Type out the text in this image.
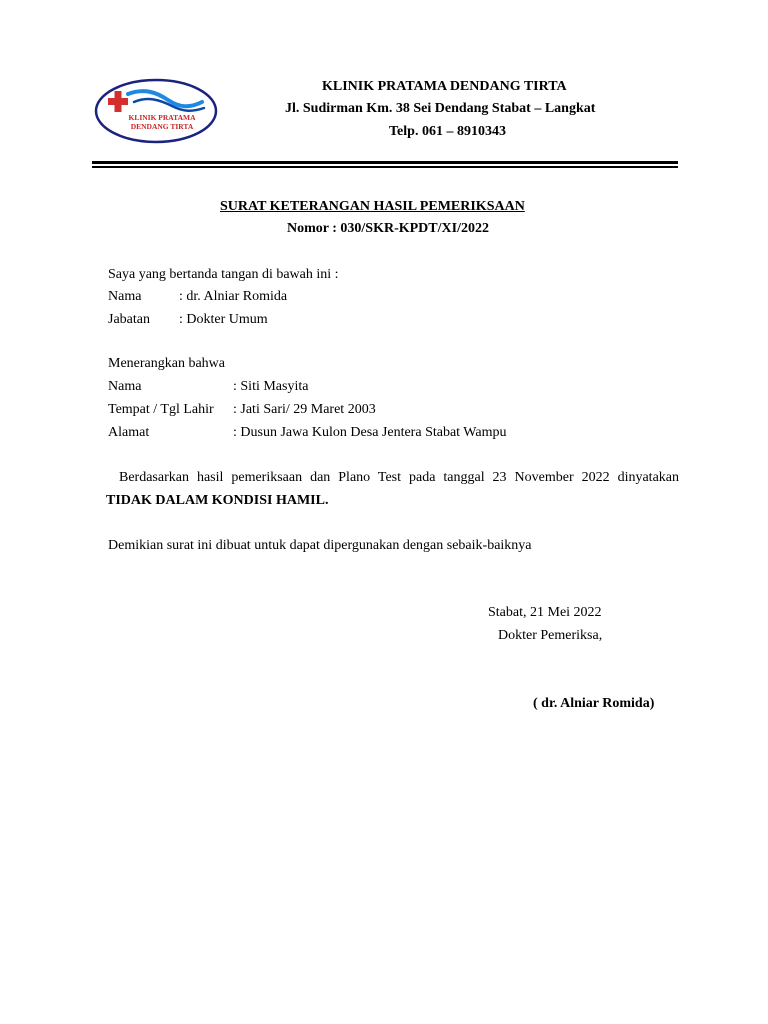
KLINIK PRATAMA
DENDANG TIRTA
KLINIK PRATAMA DENDANG TIRTA
Jl. Sudirman Km. 38 Sei Dendang Stabat – Langkat
Telp. 061 – 8910343
SURAT KETERANGAN HASIL PEMERIKSAAN
Nomor : 030/SKR-KPDT/XI/2022
Saya yang bertanda tangan di bawah ini :
Nama	: dr. Alniar Romida
Jabatan : Dokter Umum
Menerangkan bahwa
Nama	: Siti Masyita
Tempat / Tgl Lahir : Jati Sari/ 29 Maret 2003
Alamat	: Dusun Jawa Kulon Desa Jentera Stabat Wampu
Berdasarkan hasil pemeriksaan dan Plano Test pada tanggal 23 November 2022 dinyatakan
TIDAK DALAM KONDISI HAMIL.
Demikian surat ini dibuat untuk dapat dipergunakan dengan sebaik-baiknya
Stabat, 21 Mei 2022
Dokter Pemeriksa,
( dr. Alniar Romida)
